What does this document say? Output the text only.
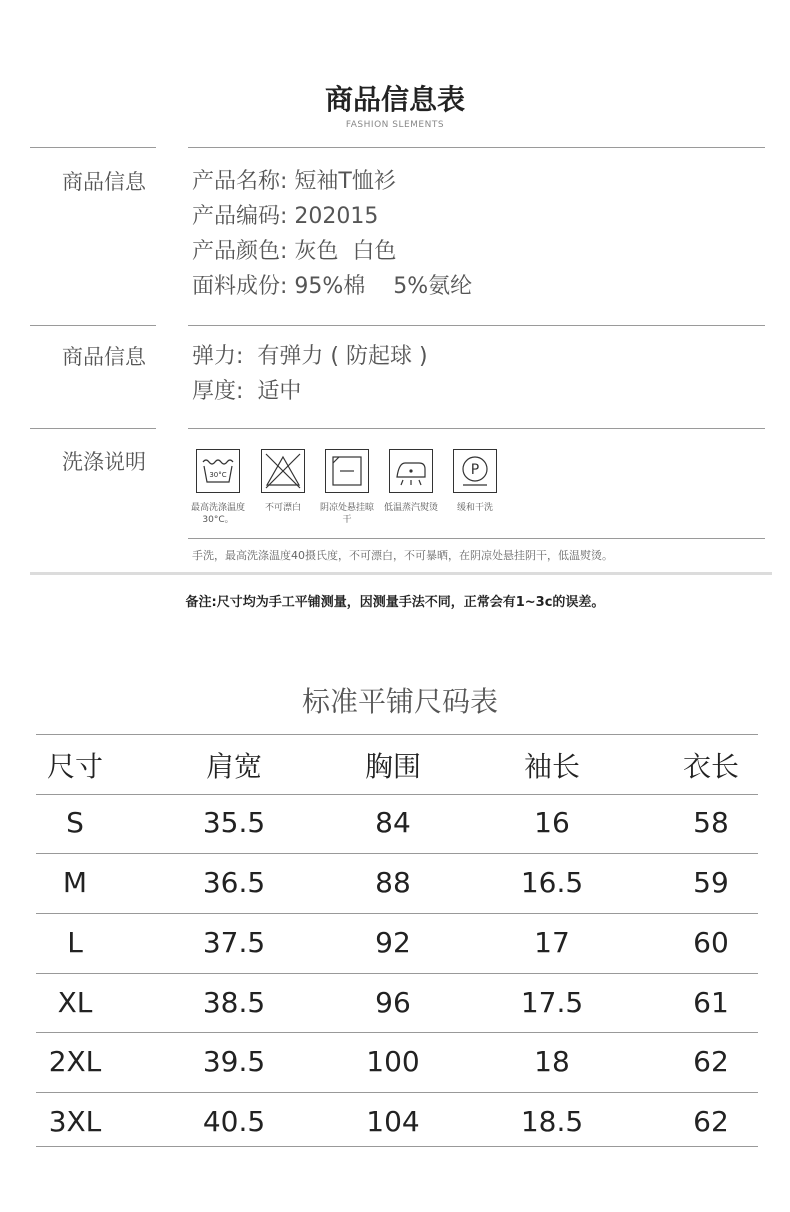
商品信息表
FASHION SLEMENTS
商品信息 产品名称: 短袖T恤衫
产品编码: 202015
产品颜色: 灰色  白色
面料成份: 95%棉    5%氨纶
商品信息 弹力:  有弹力 ( 防起球 )
厚度:  适中
洗涤说明
30°C	P
最高洗涤温度30°C。
不可漂白	阴凉处悬挂晾干
低温蒸汽熨烫	缓和干洗
手洗，最高洗涤温度40摄氏度，不可漂白，不可暴晒，在阴凉处悬挂阴干，低温熨烫。
备注:尺寸均为手工平铺测量，因测量手法不同，正常会有1~3c的误差。
标准平铺尺码表
尺寸	肩宽	胸围	袖长	衣长
S	35.5	84	16	58
M	36.5	88	16.5	59
L	37.5	92	17	60
XL	38.5	96	17.5	61
2XL	39.5	100	18	62
3XL	40.5	104	18.5	62
